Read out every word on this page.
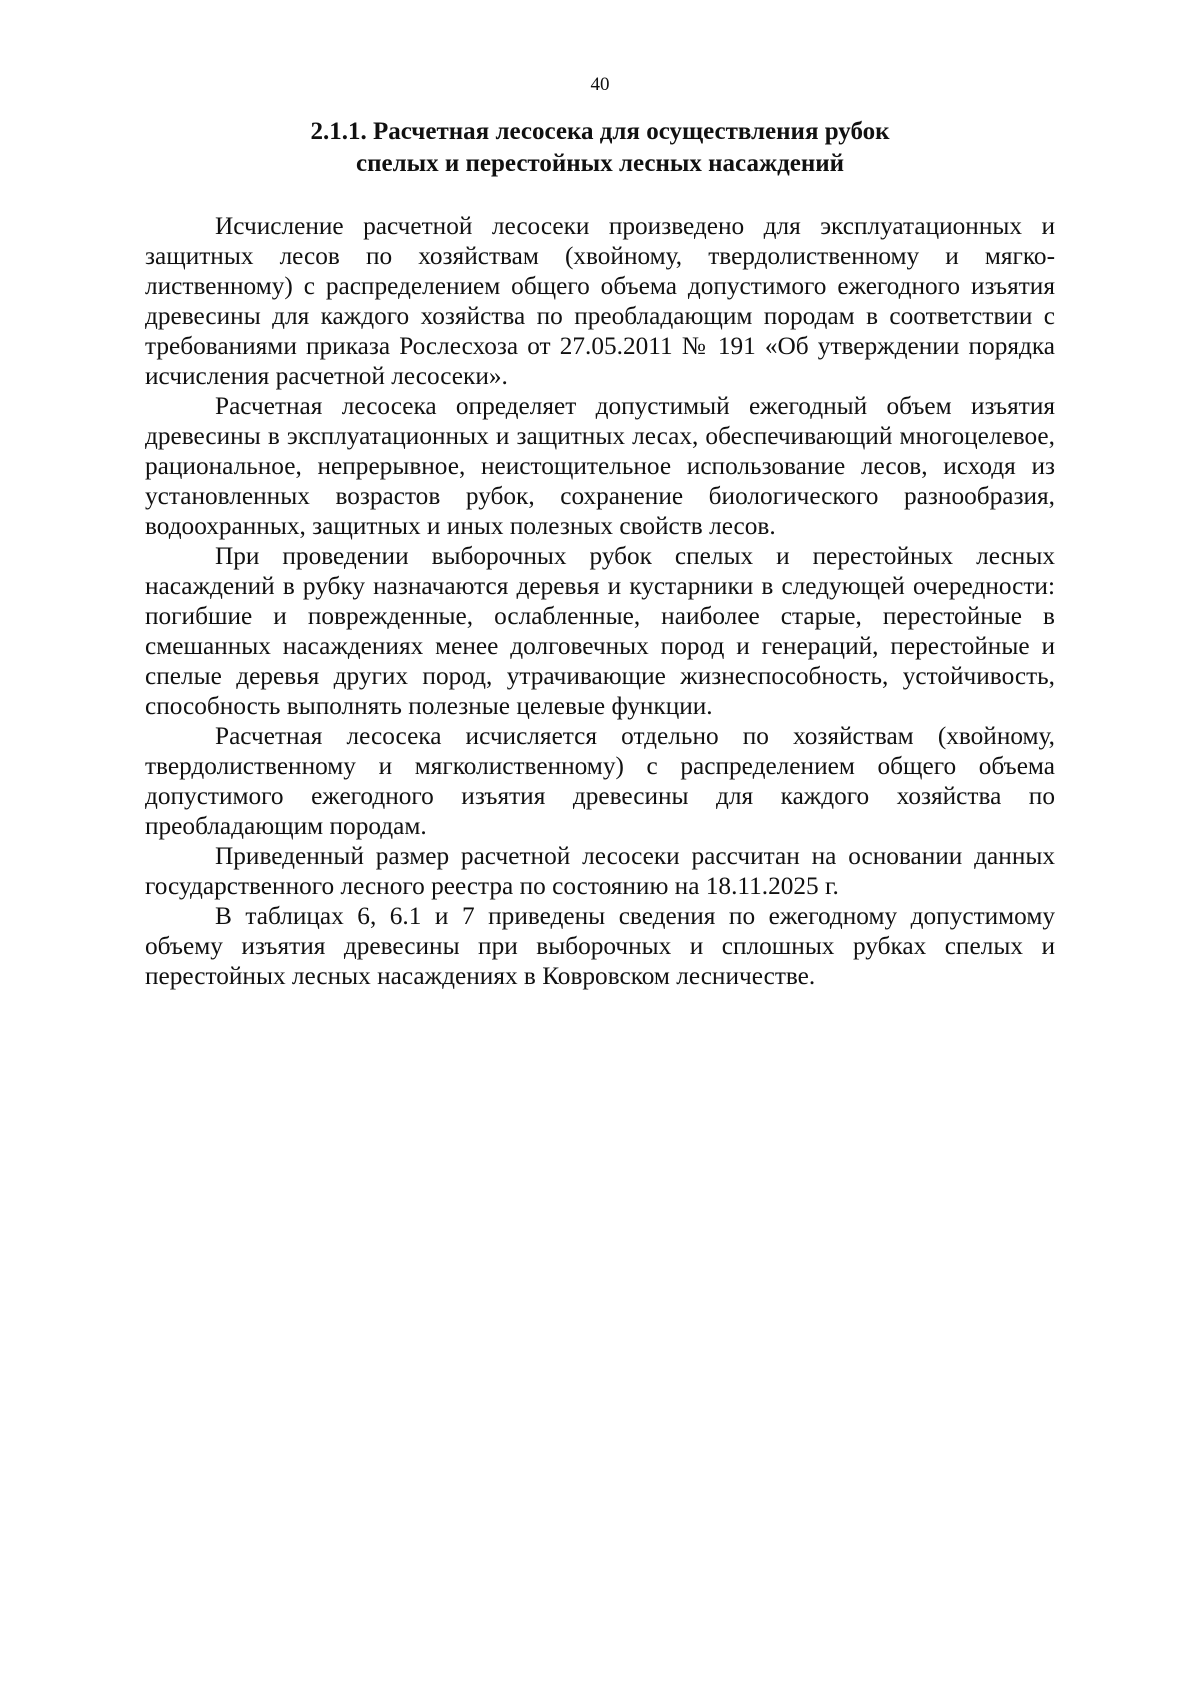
40
2.1.1. Расчетная лесосека для осуществления рубок
спелых и перестойных лесных насаждений

Исчисление расчетной лесосеки произведено для эксплуатационных и защитных лесов по хозяйствам (хвойному, твердолиственному и мягколиственному) с распределением общего объема допустимого ежегодного изъятия древесины для каждого хозяйства по преобладающим породам в соответствии с требованиями приказа Рослесхоза от 27.05.2011 № 191 «Об утверждении порядка исчисления расчетной лесосеки».

Расчетная лесосека определяет допустимый ежегодный объем изъятия древесины в эксплуатационных и защитных лесах, обеспечивающий многоцелевое, рациональное, непрерывное, неистощительное использование лесов, исходя из установленных возрастов рубок, сохранение биологического разнообразия, водоохранных, защитных и иных полезных свойств лесов.

При проведении выборочных рубок спелых и перестойных лесных насаждений в рубку назначаются деревья и кустарники в следующей очередности: погибшие и поврежденные, ослабленные, наиболее старые, перестойные в смешанных насаждениях менее долговечных пород и генераций, перестойные и спелые деревья других пород, утрачивающие жизнеспособность, устойчивость, способность выполнять полезные целевые функции.

Расчетная лесосека исчисляется отдельно по хозяйствам (хвойному, твердолиственному и мягколиственному) с распределением общего объема допустимого ежегодного изъятия древесины для каждого хозяйства по преобладающим породам.

Приведенный размер расчетной лесосеки рассчитан на основании данных государственного лесного реестра по состоянию на 18.11.2025 г.

В таблицах 6, 6.1 и 7 приведены сведения по ежегодному допустимому объему изъятия древесины при выборочных и сплошных рубках спелых и перестойных лесных насаждениях в Ковровском лесничестве.
